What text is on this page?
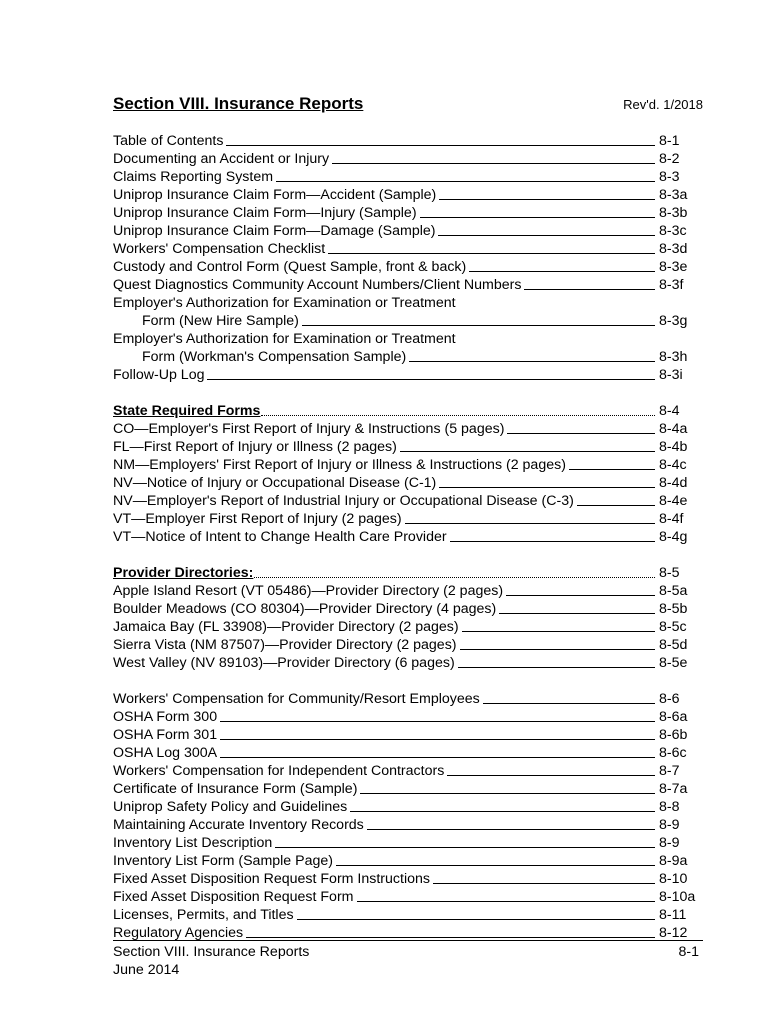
Section VIII. Insurance Reports	Rev'd. 1/2018
Table of Contents	8-1
Documenting an Accident or Injury	8-2
Claims Reporting System	8-3
Uniprop Insurance Claim Form—Accident (Sample)	8-3a
Uniprop Insurance Claim Form—Injury (Sample)	8-3b
Uniprop Insurance Claim Form—Damage (Sample)	8-3c
Workers' Compensation Checklist	8-3d
Custody and Control Form (Quest Sample, front & back)	8-3e
Quest Diagnostics Community Account Numbers/Client Numbers	8-3f
Employer's Authorization for Examination or Treatment
Form (New Hire Sample)	8-3g
Employer's Authorization for Examination or Treatment
Form (Workman's Compensation Sample)	8-3h
Follow-Up Log	8-3i
State Required Forms	8-4
CO—Employer's First Report of Injury & Instructions (5 pages)	8-4a
FL—First Report of Injury or Illness (2 pages)	8-4b
NM—Employers' First Report of Injury or Illness & Instructions (2 pages)	8-4c
NV—Notice of Injury or Occupational Disease (C-1)	8-4d
NV—Employer's Report of Industrial Injury or Occupational Disease (C-3)	8-4e
VT—Employer First Report of Injury (2 pages)	8-4f
VT—Notice of Intent to Change Health Care Provider	8-4g
Provider Directories:	8-5
Apple Island Resort (VT 05486)—Provider Directory (2 pages)	8-5a
Boulder Meadows (CO 80304)—Provider Directory (4 pages)	8-5b
Jamaica Bay (FL 33908)—Provider Directory (2 pages)	8-5c
Sierra Vista (NM 87507)—Provider Directory (2 pages)	8-5d
West Valley (NV 89103)—Provider Directory (6 pages)	8-5e
Workers' Compensation for Community/Resort Employees	8-6
OSHA Form 300	8-6a
OSHA Form 301	8-6b
OSHA Log 300A	8-6c
Workers' Compensation for Independent Contractors	8-7
Certificate of Insurance Form (Sample)	8-7a
Uniprop Safety Policy and Guidelines	8-8
Maintaining Accurate Inventory Records	8-9
Inventory List Description	8-9
Inventory List Form (Sample Page)	8-9a
Fixed Asset Disposition Request Form Instructions	8-10
Fixed Asset Disposition Request Form	8-10a
Licenses, Permits, and Titles	8-11
Regulatory Agencies	8-12
Section VIII. Insurance Reports	8-1
June 2014
